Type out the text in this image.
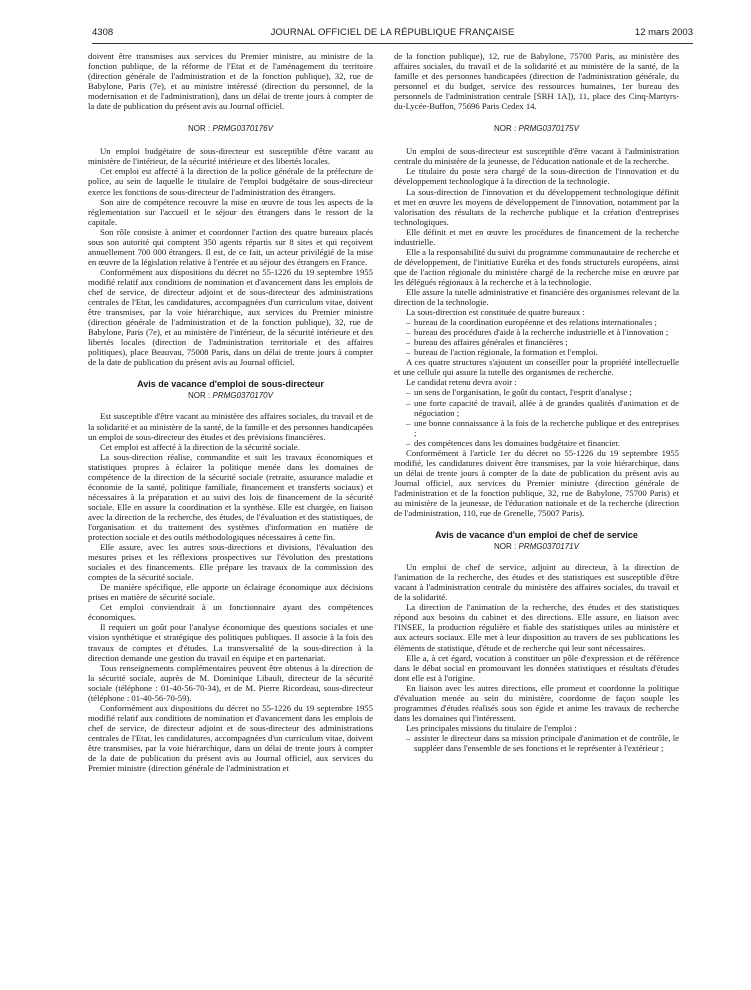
4308	JOURNAL OFFICIEL DE LA RÉPUBLIQUE FRANÇAISE	12 mars 2003

doivent être transmises aux services du Premier ministre, au ministre de la fonction publique, de la réforme de l'Etat et de l'aménagement du territoire (direction générale de l'administration et de la fonction publique), 32, rue de Babylone, Paris (7e), et au ministre intéressé (direction du personnel, de la modernisation et de l'administration), dans un délai de trente jours à compter de la date de publication du présent avis au Journal officiel.

NOR : PRMG0370176V

Un emploi budgétaire de sous-directeur est susceptible d'être vacant au ministère de l'intérieur, de la sécurité intérieure et des libertés locales.

Cet emploi est affecté à la direction de la police générale de la préfecture de police, au sein de laquelle le titulaire de l'emploi budgétaire de sous-directeur exerce les fonctions de sous-directeur de l'administration des étrangers.

Son aire de compétence recouvre la mise en œuvre de tous les aspects de la réglementation sur l'accueil et le séjour des étrangers dans le ressort de la capitale.

Son rôle consiste à animer et coordonner l'action des quatre bureaux placés sous son autorité qui comptent 350 agents répartis sur 8 sites et qui reçoivent annuellement 700 000 étrangers. Il est, de ce fait, un acteur privilégié de la mise en œuvre de la législation relative à l'entrée et au séjour des étrangers en France.

Conformément aux dispositions du décret no 55-1226 du 19 septembre 1955 modifié relatif aux conditions de nomination et d'avancement dans les emplois de chef de service, de directeur adjoint et de sous-directeur des administrations centrales de l'Etat, les candidatures, accompagnées d'un curriculum vitae, doivent être transmises, par la voie hiérarchique, aux services du Premier ministre (direction générale de l'administration et de la fonction publique), 32, rue de Babylone, Paris (7e), et au ministère de l'intérieur, de la sécurité intérieure et des libertés locales (direction de l'administration territoriale et des affaires politiques), place Beauvau, 75008 Paris, dans un délai de trente jours à compter de la date de publication du présent avis au Journal officiel.

Avis de vacance d'emploi de sous-directeur

NOR : PRMG0370170V

Est susceptible d'être vacant au ministère des affaires sociales, du travail et de la solidarité et au ministère de la santé, de la famille et des personnes handicapées un emploi de sous-directeur des études et des prévisions financières.

Cet emploi est affecté à la direction de la sécurité sociale.

La sous-direction réalise, commandite et suit les travaux économiques et statistiques propres à éclairer la politique menée dans les domaines de compétence de la direction de la sécurité sociale (retraite, assurance maladie et économie de la santé, politique familiale, financement et transferts sociaux) et nécessaires à la préparation et au suivi des lois de financement de la sécurité sociale. Elle en assure la coordination et la synthèse. Elle est chargée, en liaison avec la direction de la recherche, des études, de l'évaluation et des statistiques, de l'organisation et du traitement des systèmes d'information en matière de protection sociale et des outils méthodologiques nécessaires à cette fin.

Elle assure, avec les autres sous-directions et divisions, l'évaluation des mesures prises et les réflexions prospectives sur l'évolution des prestations sociales et des financements. Elle prépare les travaux de la commission des comptes de la sécurité sociale.

De manière spécifique, elle apporte un éclairage économique aux décisions prises en matière de sécurité sociale.

Cet emploi conviendrait à un fonctionnaire ayant des compétences économiques.

Il requiert un goût pour l'analyse économique des questions sociales et une vision synthétique et stratégique des politiques publiques. Il associe à la fois des travaux de comptes et d'études. La transversalité de la sous-direction à la direction demande une gestion du travail en équipe et en partenariat.

Tous renseignements complémentaires peuvent être obtenus à la direction de la sécurité sociale, auprès de M. Dominique Libault, directeur de la sécurité sociale (téléphone : 01-40-56-70-34), et de M. Pierre Ricordeau, sous-directeur (téléphone : 01-40-56-70-59).

Conformément aux dispositions du décret no 55-1226 du 19 septembre 1955 modifié relatif aux conditions de nomination et d'avancement dans les emplois de chef de service, de directeur adjoint et de sous-directeur des administrations centrales de l'Etat, les candidatures, accompagnées d'un curriculum vitae, doivent être transmises, par la voie hiérarchique, dans un délai de trente jours à compter de la date de publication du présent avis au Journal officiel, aux services du Premier ministre (direction générale de l'administration et

de la fonction publique), 12, rue de Babylone, 75700 Paris, au ministère des affaires sociales, du travail et de la solidarité et au ministère de la santé, de la famille et des personnes handicapées (direction de l'administration générale, du personnel et du budget, service des ressources humaines, 1er bureau des personnels de l'administration centrale [SRH 1A]), 11, place des Cinq-Martyrs-du-Lycée-Buffon, 75696 Paris Cedex 14.

NOR : PRMG0370175V

Un emploi de sous-directeur est susceptible d'être vacant à l'administration centrale du ministère de la jeunesse, de l'éducation nationale et de la recherche.

Le titulaire du poste sera chargé de la sous-direction de l'innovation et du développement technologique à la direction de la technologie.

La sous-direction de l'innovation et du développement technologique définit et met en œuvre les moyens de développement de l'innovation, notamment par la valorisation des résultats de la recherche publique et la création d'entreprises technologiques.

Elle définit et met en œuvre les procédures de financement de la recherche industrielle.

Elle a la responsabilité du suivi du programme communautaire de recherche et de développement, de l'initiative Euréka et des fonds structurels européens, ainsi que de l'action régionale du ministère chargé de la recherche mise en œuvre par les délégués régionaux à la recherche et à la technologie.

Elle assure la tutelle administrative et financière des organismes relevant de la direction de la technologie.

La sous-direction est constituée de quatre bureaux :

– bureau de la coordination européenne et des relations internationales ;
– bureau des procédures d'aide à la recherche industrielle et à l'innovation ;
– bureau des affaires générales et financières ;
– bureau de l'action régionale, la formation et l'emploi.

A ces quatre structures s'ajoutent un conseiller pour la propriété intellectuelle et une cellule qui assure la tutelle des organismes de recherche.

Le candidat retenu devra avoir :

– un sens de l'organisation, le goût du contact, l'esprit d'analyse ;
– une forte capacité de travail, allée à de grandes qualités d'animation et de négociation ;
– une bonne connaissance à la fois de la recherche publique et des entreprises ;
– des compétences dans les domaines budgétaire et financier.

Conformément à l'article 1er du décret no 55-1226 du 19 septembre 1955 modifié, les candidatures doivent être transmises, par la voie hiérarchique, dans un délai de trente jours à compter de la date de publication du présent avis au Journal officiel, aux services du Premier ministre (direction générale de l'administration et de la fonction publique, 32, rue de Babylone, 75700 Paris) et au ministère de la jeunesse, de l'éducation nationale et de la recherche (direction de l'administration, 110, rue de Grenelle, 75007 Paris).

Avis de vacance d'un emploi de chef de service

NOR : PRMG0370171V

Un emploi de chef de service, adjoint au directeur, à la direction de l'animation de la recherche, des études et des statistiques est susceptible d'être vacant à l'administration centrale du ministère des affaires sociales, du travail et de la solidarité.

La direction de l'animation de la recherche, des études et des statistiques répond aux besoins du cabinet et des directions. Elle assure, en liaison avec l'INSEE, la production régulière et fiable des statistiques utiles au ministère et aux acteurs sociaux. Elle met à leur disposition au travers de ses publications les éléments de statistique, d'étude et de recherche qui leur sont nécessaires.

Elle a, à cet égard, vocation à constituer un pôle d'expression et de référence dans le débat social en promouvant les données statistiques et résultats d'études dont elle est à l'origine.

En liaison avec les autres directions, elle promeut et coordonne la politique d'évaluation menée au sein du ministère, coordonne de façon souple les programmes d'études réalisés sous son égide et anime les travaux de recherche dans les domaines qui l'intéressent.

Les principales missions du titulaire de l'emploi :

– assister le directeur dans sa mission principale d'animation et de contrôle, le suppléer dans l'ensemble de ses fonctions et le représenter à l'extérieur ;
